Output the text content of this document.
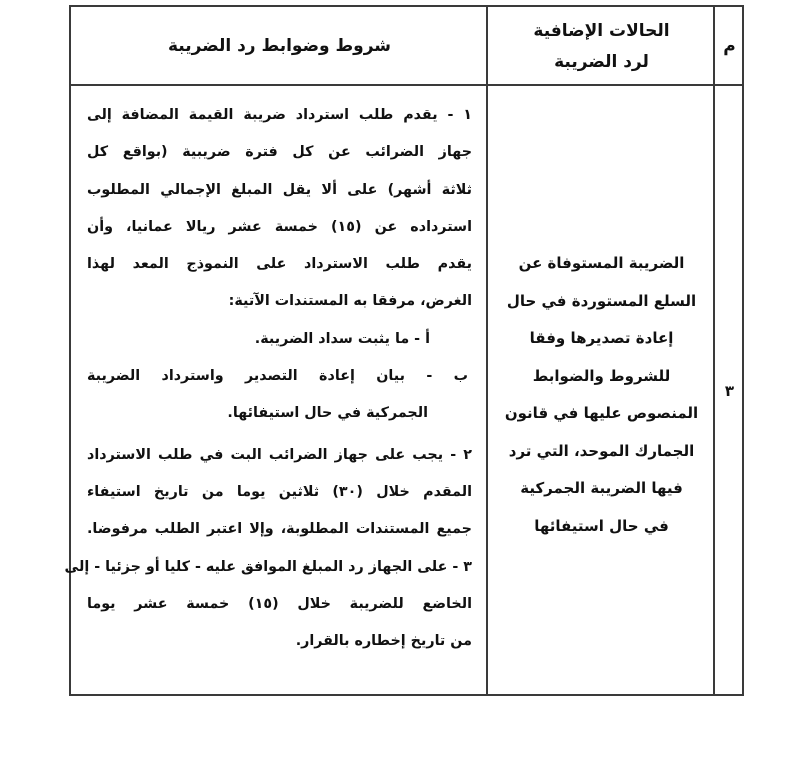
م
الحالات الإضافية
لرد الضريبة
شروط وضوابط رد الضريبة
٣
الضريبة المستوفاة عن
السلع المستوردة في حال
إعادة تصديرها وفقا
للشروط والضوابط
المنصوص عليها في قانون
الجمارك الموحد، التي ترد
فيها الضريبة الجمركية
في حال استيفائها
١ - يقدم طلب استرداد ضريبة القيمة المضافة إلى
جهاز الضرائب عن كل فترة ضريبية (بواقع كل
ثلاثة أشهر) على ألا يقل المبلغ الإجمالي المطلوب
استرداده عن (١٥) خمسة عشر ريالا عمانيا، وأن
يقدم طلب الاسترداد على النموذج المعد لهذا
الغرض، مرفقا به المستندات الآتية:
أ - ما يثبت سداد الضريبة.
ب - بيان إعادة التصدير واسترداد الضريبة
الجمركية في حال استيفائها.
٢ - يجب على جهاز الضرائب البت في طلب الاسترداد
المقدم خلال (٣٠) ثلاثين يوما من تاريخ استيفاء
جميع المستندات المطلوبة، وإلا اعتبر الطلب مرفوضا.
٣ - على الجهاز رد المبلغ الموافق عليه - كليا أو جزئيا - إلى
الخاضع للضريبة خلال (١٥) خمسة عشر يوما
من تاريخ إخطاره بالقرار.
